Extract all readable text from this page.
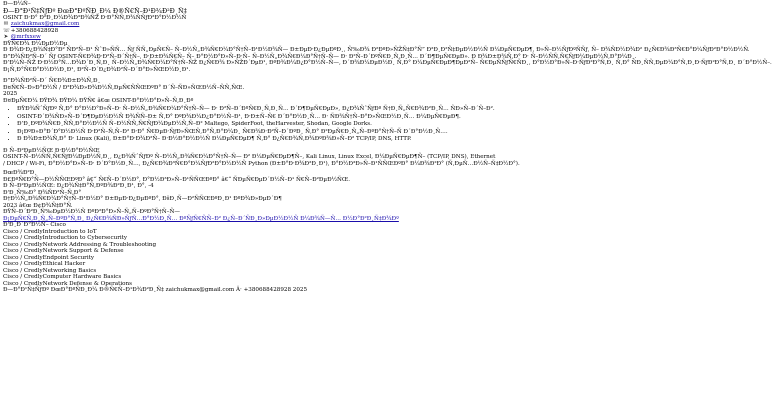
Ð—Ð¼Ñ–
Ð—Ð°Ð¹Ñ‡ÑƒÐº ÐœÐ°ÐºÑÐ¸Ð¼ Ð®Ñ€Ñ–Ð¹Ð¾Ð²Ð¸Ñ‡
OSINT Ð·Ð° Ð²Ð¸Ð¼Ð¾Ð³Ð¾ÑŽ Ð·Ð°ÑÑ‚Ð¾ÑÑƒÐ²Ð°Ð½Ð½Ñ
✉ zaichukmax@gmail.com
☏ +380688428928
➤ @mrfxxew
ÐŸÑ€Ð¾ Ð¼ÐµÐ½Ðµ
Ð Ð¾Ð·Ð¿Ð¾Ñ‡Ð°Ð² ÑÐ²Ñ–Ð¹ ÑˆÐ»ÑÑ… Ñƒ ÑÑ„ÐµÑ€Ñ– Ñ–Ð½Ñ„Ð¾Ñ€Ð¼Ð°Ñ†Ñ–Ð¹Ð½Ð¾Ñ— Ð±ÐµÐ·Ð¿ÐµÐºÐ¸, Ñ‰Ð¾ Ð²ÐºÐ»ÑŽÑ‡Ð°Ñ” Ð²Ð¸Ð²Ñ‡ÐµÐ½Ð½Ñ Ð¼ÐµÑ€ÐµÐ¶, Ð»Ñ–Ð½ÑƒÐºÑÑƒ, Ñ– Ð¾ÑÐ½Ð¾Ð² Ð¿Ñ€Ð¾Ð³Ñ€Ð°Ð¼ÑƒÐ²Ð°Ð½Ð½Ñ.
Ð”Ð¾ÑÐ²Ñ–Ð´ Ñƒ OSINT-Ñ€Ð¾Ð·Ð²Ñ–Ð´Ñ†Ñ–, Ð·Ð±Ð¾Ñ€Ñ– Ñ– Ð°Ð½Ð°Ð»Ñ–Ð·Ñ– Ñ–Ð½Ñ„Ð¾Ñ€Ð¼Ð°Ñ†Ñ–Ñ— Ð· Ð²Ñ–Ð´ÐºÑ€Ð¸Ñ‚Ð¸Ñ… Ð´Ð¶ÐµÑ€ÐµÐ». Ð Ð¾Ð±Ð¾Ñ‚Ð° Ð· Ñ–Ð½ÑÑ‚Ñ€ÑƒÐ¼ÐµÐ½Ñ‚Ð°Ð¼Ð¸.
Ð’Ð¼Ñ–ÑŽ Ð·Ð½Ð°Ñ…Ð¾Ð´Ð¸Ñ‚Ð¸ Ñ–Ð½Ñ„Ð¾Ñ€Ð¼Ð°Ñ†Ñ–ÑŽ Ð¿Ñ€Ð¾ Ð»ÑŽÐ´ÐµÐ¹, ÐºÐ¾Ð¼Ð¿Ð°Ð½Ñ–Ñ—, Ð´Ð¾Ð¼ÐµÐ½Ð¸ Ñ‚Ð° Ð¼ÐµÑ€ÐµÐ¶ÐµÐ²Ñ– Ñ€ÐµÑÑƒÑ€ÑÐ¸, Ð°Ð½Ð°Ð»Ñ–Ð·ÑƒÐ²Ð°Ñ‚Ð¸ Ñ‚Ð° ÑÐ¸ÑÑ‚ÐµÐ¼Ð°Ñ‚Ð¸Ð·ÑƒÐ²Ð°Ñ‚Ð¸ Ð´Ð°Ð½Ñ–.
Ð¡Ñ‚Ð°Ñ€Ð°Ð½Ð½Ð¸Ð¹, Ð²Ñ–Ð´Ð¿Ð¾Ð²Ñ–Ð´Ð°Ð»ÑŒÐ½Ð¸Ð¹.
Ð”Ð¾ÑÐ²Ñ–Ð´ Ñ€Ð¾Ð±Ð¾Ñ‚Ð¸
Ð¤Ñ€Ñ–Ð»Ð°Ð½Ñ / Ð²Ð¾Ð»Ð¾Ð½Ñ‚ÐµÑ€ÑÑŒÐºÐ° Ð´Ñ–ÑÐ»ÑŒÐ½Ñ–ÑÑ‚ÑŒ.
2025
Ð¤ÐµÑ€Ð¼ ÐŸÐ¾ ÐŸÐ¼ ÐŸÑ€ â€œ OSINT-Ð°Ð½Ð°Ð»Ñ–Ñ‚Ð¸Ðº
• ÐŸÐ¾ÑˆÑƒÐº Ñ‚Ð° Ð°Ð½Ð°Ð»Ñ–Ð· Ñ–Ð½Ñ„Ð¾Ñ€Ð¼Ð°Ñ†Ñ–Ñ— Ð· Ð²Ñ–Ð´ÐºÑ€Ð¸Ñ‚Ð¸Ñ… Ð´Ð¶ÐµÑ€ÐµÐ», Ð¿Ð¾ÑˆÑƒÐº Ñ†Ð¸Ñ„Ñ€Ð¾Ð²Ð¸Ñ… ÑÐ»Ñ–Ð´Ñ–Ð².
• OSINT-Ð´Ð¾ÑÐ»Ñ–Ð´Ð¶ÐµÐ½Ð½Ñ Ð¾ÑÑ–Ð± Ñ‚Ð° ÐºÐ¾Ð¼Ð¿Ð°Ð½Ñ–Ð¹, Ð·Ð±Ñ–Ñ€ Ð´Ð°Ð½Ð¸Ñ… Ð· ÑÐ¾Ñ†Ñ–Ð°Ð»ÑŒÐ½Ð¸Ñ… Ð¼ÐµÑ€ÐµÐ¶.
• Ð’Ð¸ÐºÐ¾Ñ€Ð¸ÑÑ‚Ð°Ð½Ð½Ñ Ñ–Ð½ÑÑ‚Ñ€ÑƒÐ¼ÐµÐ½Ñ‚Ñ–Ð² Maltego, SpiderFoot, theHarvester, Shodan, Google Dorks.
• Ð¡ÐºÐ»Ð°Ð´Ð°Ð½Ð½Ñ Ð·Ð²Ñ–Ñ‚Ñ–Ð² Ð·Ð° Ñ€ÐµÐ·ÑƒÐ»ÑŒÑ‚Ð°Ñ‚Ð°Ð¼Ð¸ Ñ€Ð¾Ð·Ð²Ñ–Ð´ÐºÐ¸ Ñ‚Ð° Ð²ÐµÑ€Ð¸Ñ„Ñ–ÐºÐ°Ñ†Ñ–Ñ Ð´Ð°Ð½Ð¸Ñ….
• Ð Ð¾Ð±Ð¾Ñ‚Ð° Ð· Linux (Kali), Ð±Ð°Ð·Ð¾Ð²Ñ– Ð·Ð½Ð°Ð½Ð½Ñ Ð¼ÐµÑ€ÐµÐ¶ Ñ‚Ð° Ð¿Ñ€Ð¾Ñ‚Ð¾ÐºÐ¾Ð»Ñ–Ð² TCP/IP, DNS, HTTP.
Ð Ñ–Ð²ÐµÐ½ÑŒ Ð·Ð½Ð°Ð½ÑŒ
OSINT-Ñ–Ð½ÑÑ‚Ñ€ÑƒÐ¼ÐµÐ½Ñ‚Ð¸, Ð¿Ð¾ÑˆÑƒÐº Ñ–Ð½Ñ„Ð¾Ñ€Ð¼Ð°Ñ†Ñ–Ñ— Ð² Ð¼ÐµÑ€ÐµÐ¶Ñ–, Kali Linux, Linux Excel, Ð¼ÐµÑ€ÐµÐ¶Ñ– (TCP/IP, DNS), Ethernet
/ DHCP / Wi-Fi, Ð°Ð½Ð°Ð»Ñ–Ð· Ð´Ð°Ð½Ð¸Ñ…, Ð¿Ñ€Ð¾Ð³Ñ€Ð°Ð¼ÑƒÐ²Ð°Ð½Ð½Ñ Python (Ð±Ð°Ð·Ð¾Ð²Ð¸Ð¹), Ð°Ð½Ð³Ð»Ñ–Ð¹ÑÑŒÐºÐ° Ð¼Ð¾Ð²Ð° (Ñ‚ÐµÑ…Ð½Ñ–Ñ‡Ð½Ð°).
ÐœÐ¾Ð²Ð¸
Ð£ÐºÑ€Ð°Ñ—Ð½ÑÑŒÐºÐ° â€“ Ñ€Ñ–Ð´Ð½Ð°, Ð°Ð½Ð³Ð»Ñ–Ð¹ÑÑŒÐºÐ° â€“ ÑÐµÑ€ÐµÐ´Ð½Ñ–Ð¹ Ñ€Ñ–Ð²ÐµÐ½ÑŒ.
Ð Ñ–Ð²ÐµÐ½ÑŒ: Ð¿Ð¾Ñ‡Ð°Ñ‚ÐºÐ¾Ð²Ð¸Ð¹, Ð°, -4
Ð'Ð¸Ñ‰Ð° Ð¾ÑÐ²Ñ–Ñ‚Ð°
Ð†Ð½Ñ„Ð¾Ñ€Ð¼Ð°Ñ†Ñ–Ð¹Ð½Ð° Ð±ÐµÐ·Ð¿ÐµÐºÐ°, ÐšÐ¸Ñ—Ð²ÑÑŒÐºÐ¸Ð¹ ÐºÐ¾Ð»ÐµÐ´Ð¶
2023 â€œ Ð¢Ð¾Ñ‡Ð°Ñ.
ÐŸÑ–Ð´Ð²Ð¸Ñ‰ÐµÐ½Ð½Ñ ÐºÐ²Ð°Ð»Ñ–Ñ„Ñ–ÐºÐ°Ñ†Ñ–Ñ—
Ð¡ÐµÑ€Ñ‚Ð¸Ñ„Ñ–ÐºÐ°Ñ‚Ð¸ Ð¿Ñ€Ð¾ÑÐ»ÑƒÑ…Ð°Ð½Ð¸Ñ… ÐºÑƒÑ€ÑÑ–Ð² Ð¿Ñ–Ð´ÑÐ¸Ð»ÐµÐ½Ð½Ñ Ð¼Ð¾Ñ—Ñ… Ð½Ð°Ð²Ð¸Ñ‡Ð¾Ðº
Ð'Ð¸Ð´Ð°Ð½Ñ– Cisco
Cisco / CredlyIntroduction to IoT
Cisco / CredlyIntroduction to Cybersecurity
Cisco / CredlyNetwork Addressing & Troubleshooting
Cisco / CredlyNetwork Support & Defense
Cisco / CredlyEndpoint Security
Cisco / CredlyEthical Hacker
Cisco / CredlyNetworking Basics
Cisco / CredlyComputer Hardware Basics
Cisco / CredlyNetwork Defense & Operations
Ð—Ð°Ð¹Ñ‡ÑƒÐº ÐœÐ°ÐºÑÐ¸Ð¼ Ð®Ñ€Ñ–Ð¹Ð¾Ð²Ð¸Ñ‡ zaichukmax@gmail.com Â· +380688428928 2025
